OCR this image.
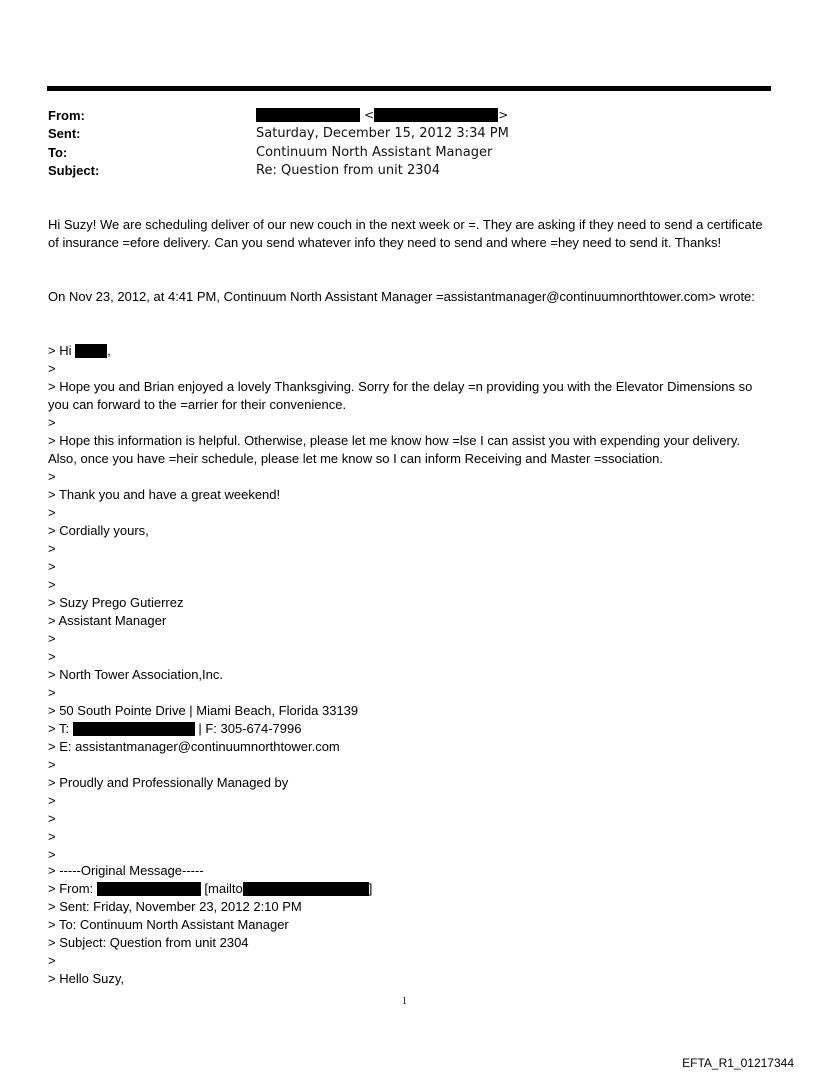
From:	<	>
Sent:	Saturday, December 15, 2012 3:34 PM
To:	Continuum North Assistant Manager
Subject:	Re: Question from unit 2304
Hi Suzy! We are scheduling deliver of our new couch in the next week or =. They are asking if they need to send a certificate of insurance =efore delivery. Can you send whatever info they need to send and where =hey need to send it. Thanks!
On Nov 23, 2012, at 4:41 PM, Continuum North Assistant Manager =assistantmanager@continuumnorthtower.com> wrote:
> Hi	,
>
> Hope you and Brian enjoyed a lovely Thanksgiving. Sorry for the delay =n providing you with the Elevator Dimensions so you can forward to the =arrier for their convenience.
>
> Hope this information is helpful. Otherwise, please let me know how =lse I can assist you with expending your delivery. Also, once you have =heir schedule, please let me know so I can inform Receiving and Master =ssociation.
>
> Thank you and have a great weekend!
>
> Cordially yours,
>
>
>
> Suzy Prego Gutierrez
> Assistant Manager
>
>
> North Tower Association,Inc.
>
> 50 South Pointe Drive | Miami Beach, Florida 33139
> T:	| F: 305-674-7996
> E: assistantmanager@continuumnorthtower.com
>
> Proudly and Professionally Managed by
>
>
>
>
> -----Original Message-----
> From:	[mailto	]
> Sent: Friday, November 23, 2012 2:10 PM
> To: Continuum North Assistant Manager
> Subject: Question from unit 2304
>
> Hello Suzy,
1
EFTA_R1_01217344
